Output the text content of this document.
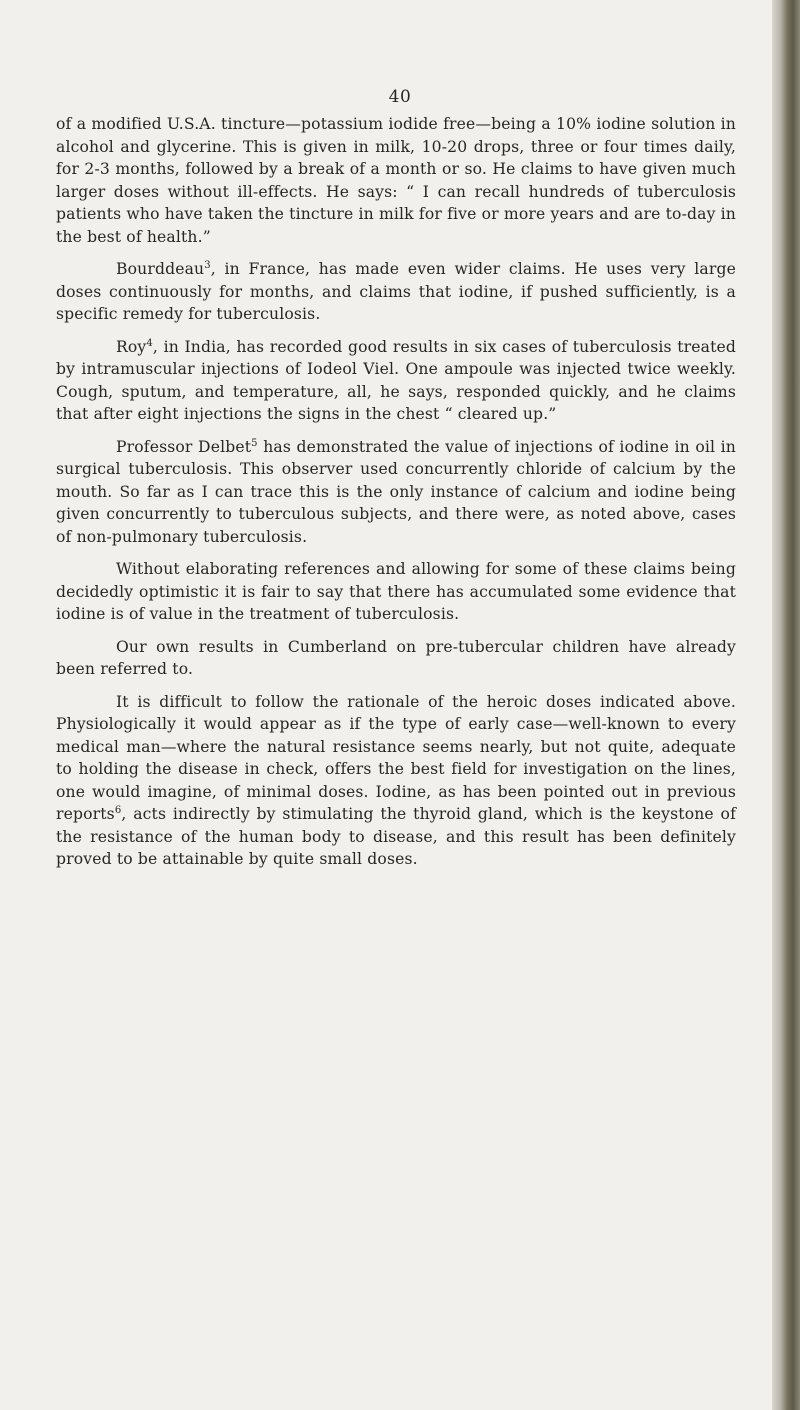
40

of a modified U.S.A. tincture—potassium iodide free—being a 10% iodine solution in alcohol and glycerine. This is given in milk, 10-20 drops, three or four times daily, for 2-3 months, followed by a break of a month or so. He claims to have given much larger doses without ill-effects. He says: “ I can recall hundreds of tuberculosis patients who have taken the tincture in milk for five or more years and are to-day in the best of health.”

Bourddeau$^3$, in France, has made even wider claims. He uses very large doses continuously for months, and claims that iodine, if pushed sufficiently, is a specific remedy for tuberculosis.

Roy$^4$, in India, has recorded good results in six cases of tuberculosis treated by intramuscular injections of Iodeol Viel. One ampoule was injected twice weekly. Cough, sputum, and temperature, all, he says, responded quickly, and he claims that after eight injections the signs in the chest “ cleared up.”

Professor Delbet$^5$ has demonstrated the value of injections of iodine in oil in surgical tuberculosis. This observer used concurrently chloride of calcium by the mouth. So far as I can trace this is the only instance of calcium and iodine being given concurrently to tuberculous subjects, and there were, as noted above, cases of non-pulmonary tuberculosis.

Without elaborating references and allowing for some of these claims being decidedly optimistic it is fair to say that there has accumulated some evidence that iodine is of value in the treatment of tuberculosis.

Our own results in Cumberland on pre-tubercular children have already been referred to.

It is difficult to follow the rationale of the heroic doses indicated above. Physiologically it would appear as if the type of early case—well-known to every medical man—where the natural resistance seems nearly, but not quite, adequate to holding the disease in check, offers the best field for investigation on the lines, one would imagine, of minimal doses. Iodine, as has been pointed out in previous reports$^6$, acts indirectly by stimulating the thyroid gland, which is the keystone of the resistance of the human body to disease, and this result has been definitely proved to be attainable by quite small doses.
